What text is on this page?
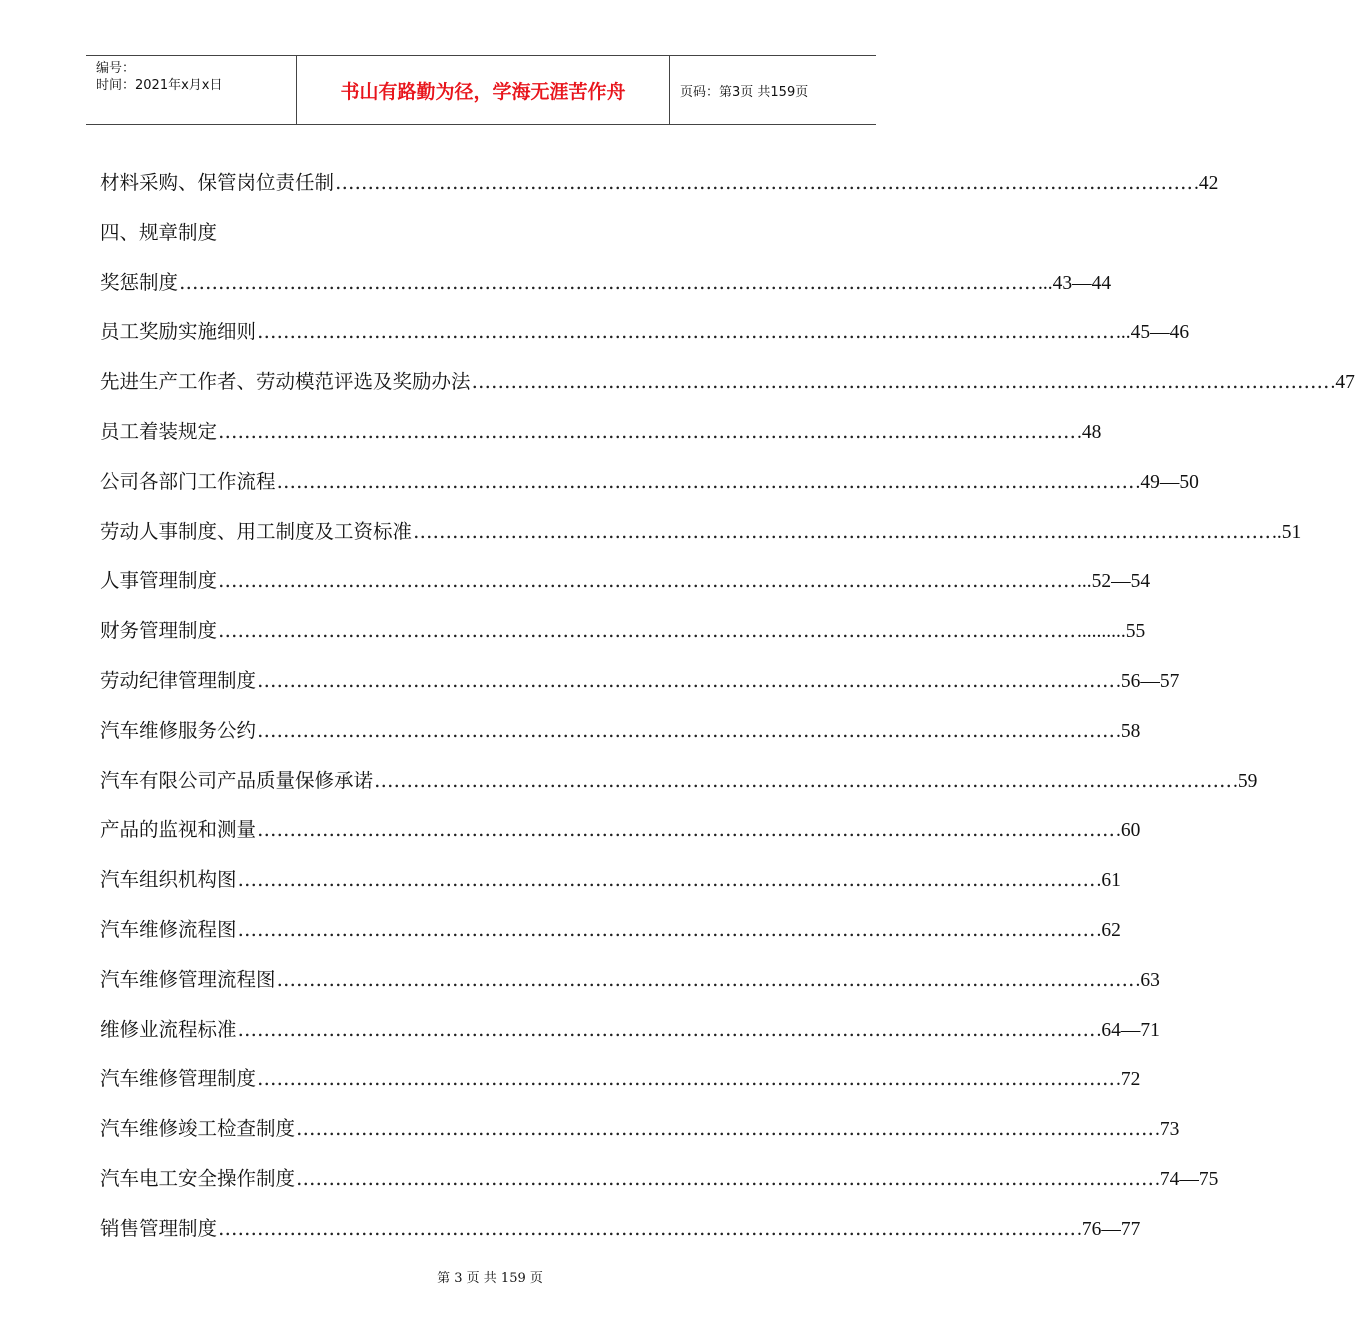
编号：
时间：2021年x月x日	书山有路勤为径，学海无涯苦作舟	页码：第3页 共159页
材料采购、保管岗位责任制 …………………………………………………………………………………………………………………… .42
四、规章制度
奖惩制度 …………………………………………………………………………………………………………………… ...43—44
员工奖励实施细则 …………………………………………………………………………………………………………………… ...45—46
先进生产工作者、劳动模范评选及奖励办法 …………………………………………………………………………………………………………………… .47
员工着装规定 …………………………………………………………………………………………………………………… .48
公司各部门工作流程 …………………………………………………………………………………………………………………… .49—50
劳动人事制度、用工制度及工资标准 …………………………………………………………………………………………………………………… ..51
人事管理制度 …………………………………………………………………………………………………………………… ...52—54
财务管理制度 …………………………………………………………………………………………………………………… ..........55
劳动纪律管理制度 …………………………………………………………………………………………………………………… .56—57
汽车维修服务公约 …………………………………………………………………………………………………………………… .58
汽车有限公司产品质量保修承诺 …………………………………………………………………………………………………………………… .59
产品的监视和测量 …………………………………………………………………………………………………………………… .60
汽车组织机构图 …………………………………………………………………………………………………………………… .61
汽车维修流程图 …………………………………………………………………………………………………………………… .62
汽车维修管理流程图 …………………………………………………………………………………………………………………… .63
维修业流程标准 …………………………………………………………………………………………………………………… .64—71
汽车维修管理制度 …………………………………………………………………………………………………………………… .72
汽车维修竣工检查制度 …………………………………………………………………………………………………………………… .73
汽车电工安全操作制度 …………………………………………………………………………………………………………………… .74—75
销售管理制度 …………………………………………………………………………………………………………………… .76—77
第 3 页 共 159 页
